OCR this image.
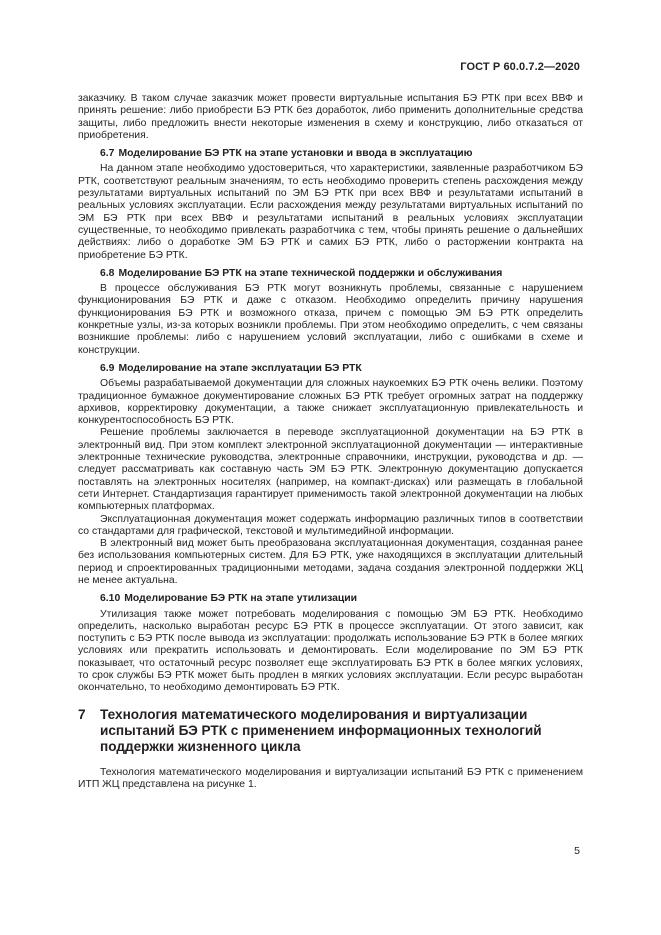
ГОСТ Р 60.0.7.2—2020

заказчику. В таком случае заказчик может провести виртуальные испытания БЭ РТК при всех ВВФ и принять решение: либо приобрести БЭ РТК без доработок, либо применить дополнительные средства защиты, либо предложить внести некоторые изменения в схему и конструкцию, либо отказаться от приобретения.

6.7 Моделирование БЭ РТК на этапе установки и ввода в эксплуатацию

На данном этапе необходимо удостовериться, что характеристики, заявленные разработчиком БЭ РТК, соответствуют реальным значениям, то есть необходимо проверить степень расхождения между результатами виртуальных испытаний по ЭМ БЭ РТК при всех ВВФ и результатами испытаний в реальных условиях эксплуатации. Если расхождения между результатами виртуальных испытаний по ЭМ БЭ РТК при всех ВВФ и результатами испытаний в реальных условиях эксплуатации существенные, то необходимо привлекать разработчика с тем, чтобы принять решение о дальнейших действиях: либо о доработке ЭМ БЭ РТК и самих БЭ РТК, либо о расторжении контракта на приобретение БЭ РТК.

6.8 Моделирование БЭ РТК на этапе технической поддержки и обслуживания

В процессе обслуживания БЭ РТК могут возникнуть проблемы, связанные с нарушением функционирования БЭ РТК и даже с отказом. Необходимо определить причину нарушения функционирования БЭ РТК и возможного отказа, причем с помощью ЭМ БЭ РТК определить конкретные узлы, из-за которых возникли проблемы. При этом необходимо определить, с чем связаны возникшие проблемы: либо с нарушением условий эксплуатации, либо с ошибками в схеме и конструкции.

6.9 Моделирование на этапе эксплуатации БЭ РТК

Объемы разрабатываемой документации для сложных наукоемких БЭ РТК очень велики. Поэтому традиционное бумажное документирование сложных БЭ РТК требует огромных затрат на поддержку архивов, корректировку документации, а также снижает эксплуатационную привлекательность и конкурентоспособность БЭ РТК.

Решение проблемы заключается в переводе эксплуатационной документации на БЭ РТК в электронный вид. При этом комплект электронной эксплуатационной документации — интерактивные электронные технические руководства, электронные справочники, инструкции, руководства и др. — следует рассматривать как составную часть ЭМ БЭ РТК. Электронную документацию допускается поставлять на электронных носителях (например, на компакт-дисках) или размещать в глобальной сети Интернет. Стандартизация гарантирует применимость такой электронной документации на любых компьютерных платформах.

Эксплуатационная документация может содержать информацию различных типов в соответствии со стандартами для графической, текстовой и мультимедийной информации.

В электронный вид может быть преобразована эксплуатационная документация, созданная ранее без использования компьютерных систем. Для БЭ РТК, уже находящихся в эксплуатации длительный период и спроектированных традиционными методами, задача создания электронной поддержки ЖЦ не менее актуальна.

6.10 Моделирование БЭ РТК на этапе утилизации

Утилизация также может потребовать моделирования с помощью ЭМ БЭ РТК. Необходимо определить, насколько выработан ресурс БЭ РТК в процессе эксплуатации. От этого зависит, как поступить с БЭ РТК после вывода из эксплуатации: продолжать использование БЭ РТК в более мягких условиях или прекратить использовать и демонтировать. Если моделирование по ЭМ БЭ РТК показывает, что остаточный ресурс позволяет еще эксплуатировать БЭ РТК в более мягких условиях, то срок службы БЭ РТК может быть продлен в мягких условиях эксплуатации. Если ресурс выработан окончательно, то необходимо демонтировать БЭ РТК.

7 Технология математического моделирования и виртуализации испытаний БЭ РТК с применением информационных технологий поддержки жизненного цикла

Технология математического моделирования и виртуализации испытаний БЭ РТК с применением ИТП ЖЦ представлена на рисунке 1.

5
